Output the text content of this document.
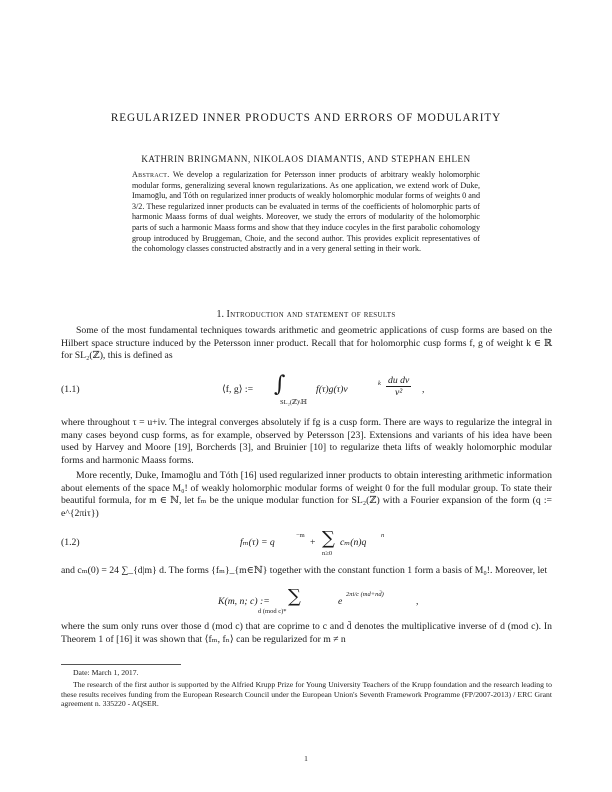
REGULARIZED INNER PRODUCTS AND ERRORS OF MODULARITY
KATHRIN BRINGMANN, NIKOLAOS DIAMANTIS, AND STEPHAN EHLEN
Abstract. We develop a regularization for Petersson inner products of arbitrary weakly holomorphic modular forms, generalizing several known regularizations. As one application, we extend work of Duke, Imamoḡlu, and Tóth on regularized inner products of weakly holomorphic modular forms of weights 0 and 3/2. These regularized inner products can be evaluated in terms of the coefficients of holomorphic parts of harmonic Maass forms of dual weights. Moreover, we study the errors of modularity of the holomorphic parts of such a harmonic Maass forms and show that they induce cocyles in the first parabolic cohomology group introduced by Bruggeman, Choie, and the second author. This provides explicit representatives of the cohomology classes constructed abstractly and in a very general setting in their work.
1. Introduction and statement of results
Some of the most fundamental techniques towards arithmetic and geometric applications of cusp forms are based on the Hilbert space structure induced by the Petersson inner product. Recall that for holomorphic cusp forms f, g of weight k ∈ ℝ for SL₂(ℤ), this is defined as
(1.1)	⟨f, g⟩ := ∫
SL₂(ℤ)\ℍ
f(τ)g(τ)v
k $\frac{\text{du dv}}{\text{v²}}$ ,
where throughout τ = u+iv. The integral converges absolutely if fg is a cusp form. There are ways to regularize the integral in many cases beyond cusp forms, as for example, observed by Petersson [23]. Extensions and variants of his idea have been used by Harvey and Moore [19], Borcherds [3], and Bruinier [10] to regularize theta lifts of weakly holomorphic modular forms and harmonic Maass forms.
More recently, Duke, Imamoḡlu and Tóth [16] used regularized inner products to obtain interesting arithmetic information about elements of the space M₀! of weakly holomorphic modular forms of weight 0 for the full modular group. To state their beautiful formula, for m ∈ ℕ, let fₘ be the unique modular function for SL₂(ℤ) with a Fourier expansion of the form (q := e^{2πiτ})
(1.2)	fₘ(τ) = q
−m
+ ∑
n≥0
cₘ(n)q
n
and cₘ(0) = 24 ∑_{d|m} d. The forms {fₘ}_{m∈ℕ} together with the constant function 1 form a basis of M₀!. Moreover, let
K(m, n; c) := ∑
d (mod c)*
e
2πi/c (md+nd̄)
,
where the sum only runs over those d (mod c) that are coprime to c and d̄ denotes the multiplicative inverse of d (mod c). In Theorem 1 of [16] it was shown that ⟨fₘ, fₙ⟩ can be regularized for m ≠ n
Date: March 1, 2017.
The research of the first author is supported by the Alfried Krupp Prize for Young University Teachers of the Krupp foundation and the research leading to these results receives funding from the European Research Council under the European Union's Seventh Framework Programme (FP/2007-2013) / ERC Grant agreement n. 335220 - AQSER.
1
